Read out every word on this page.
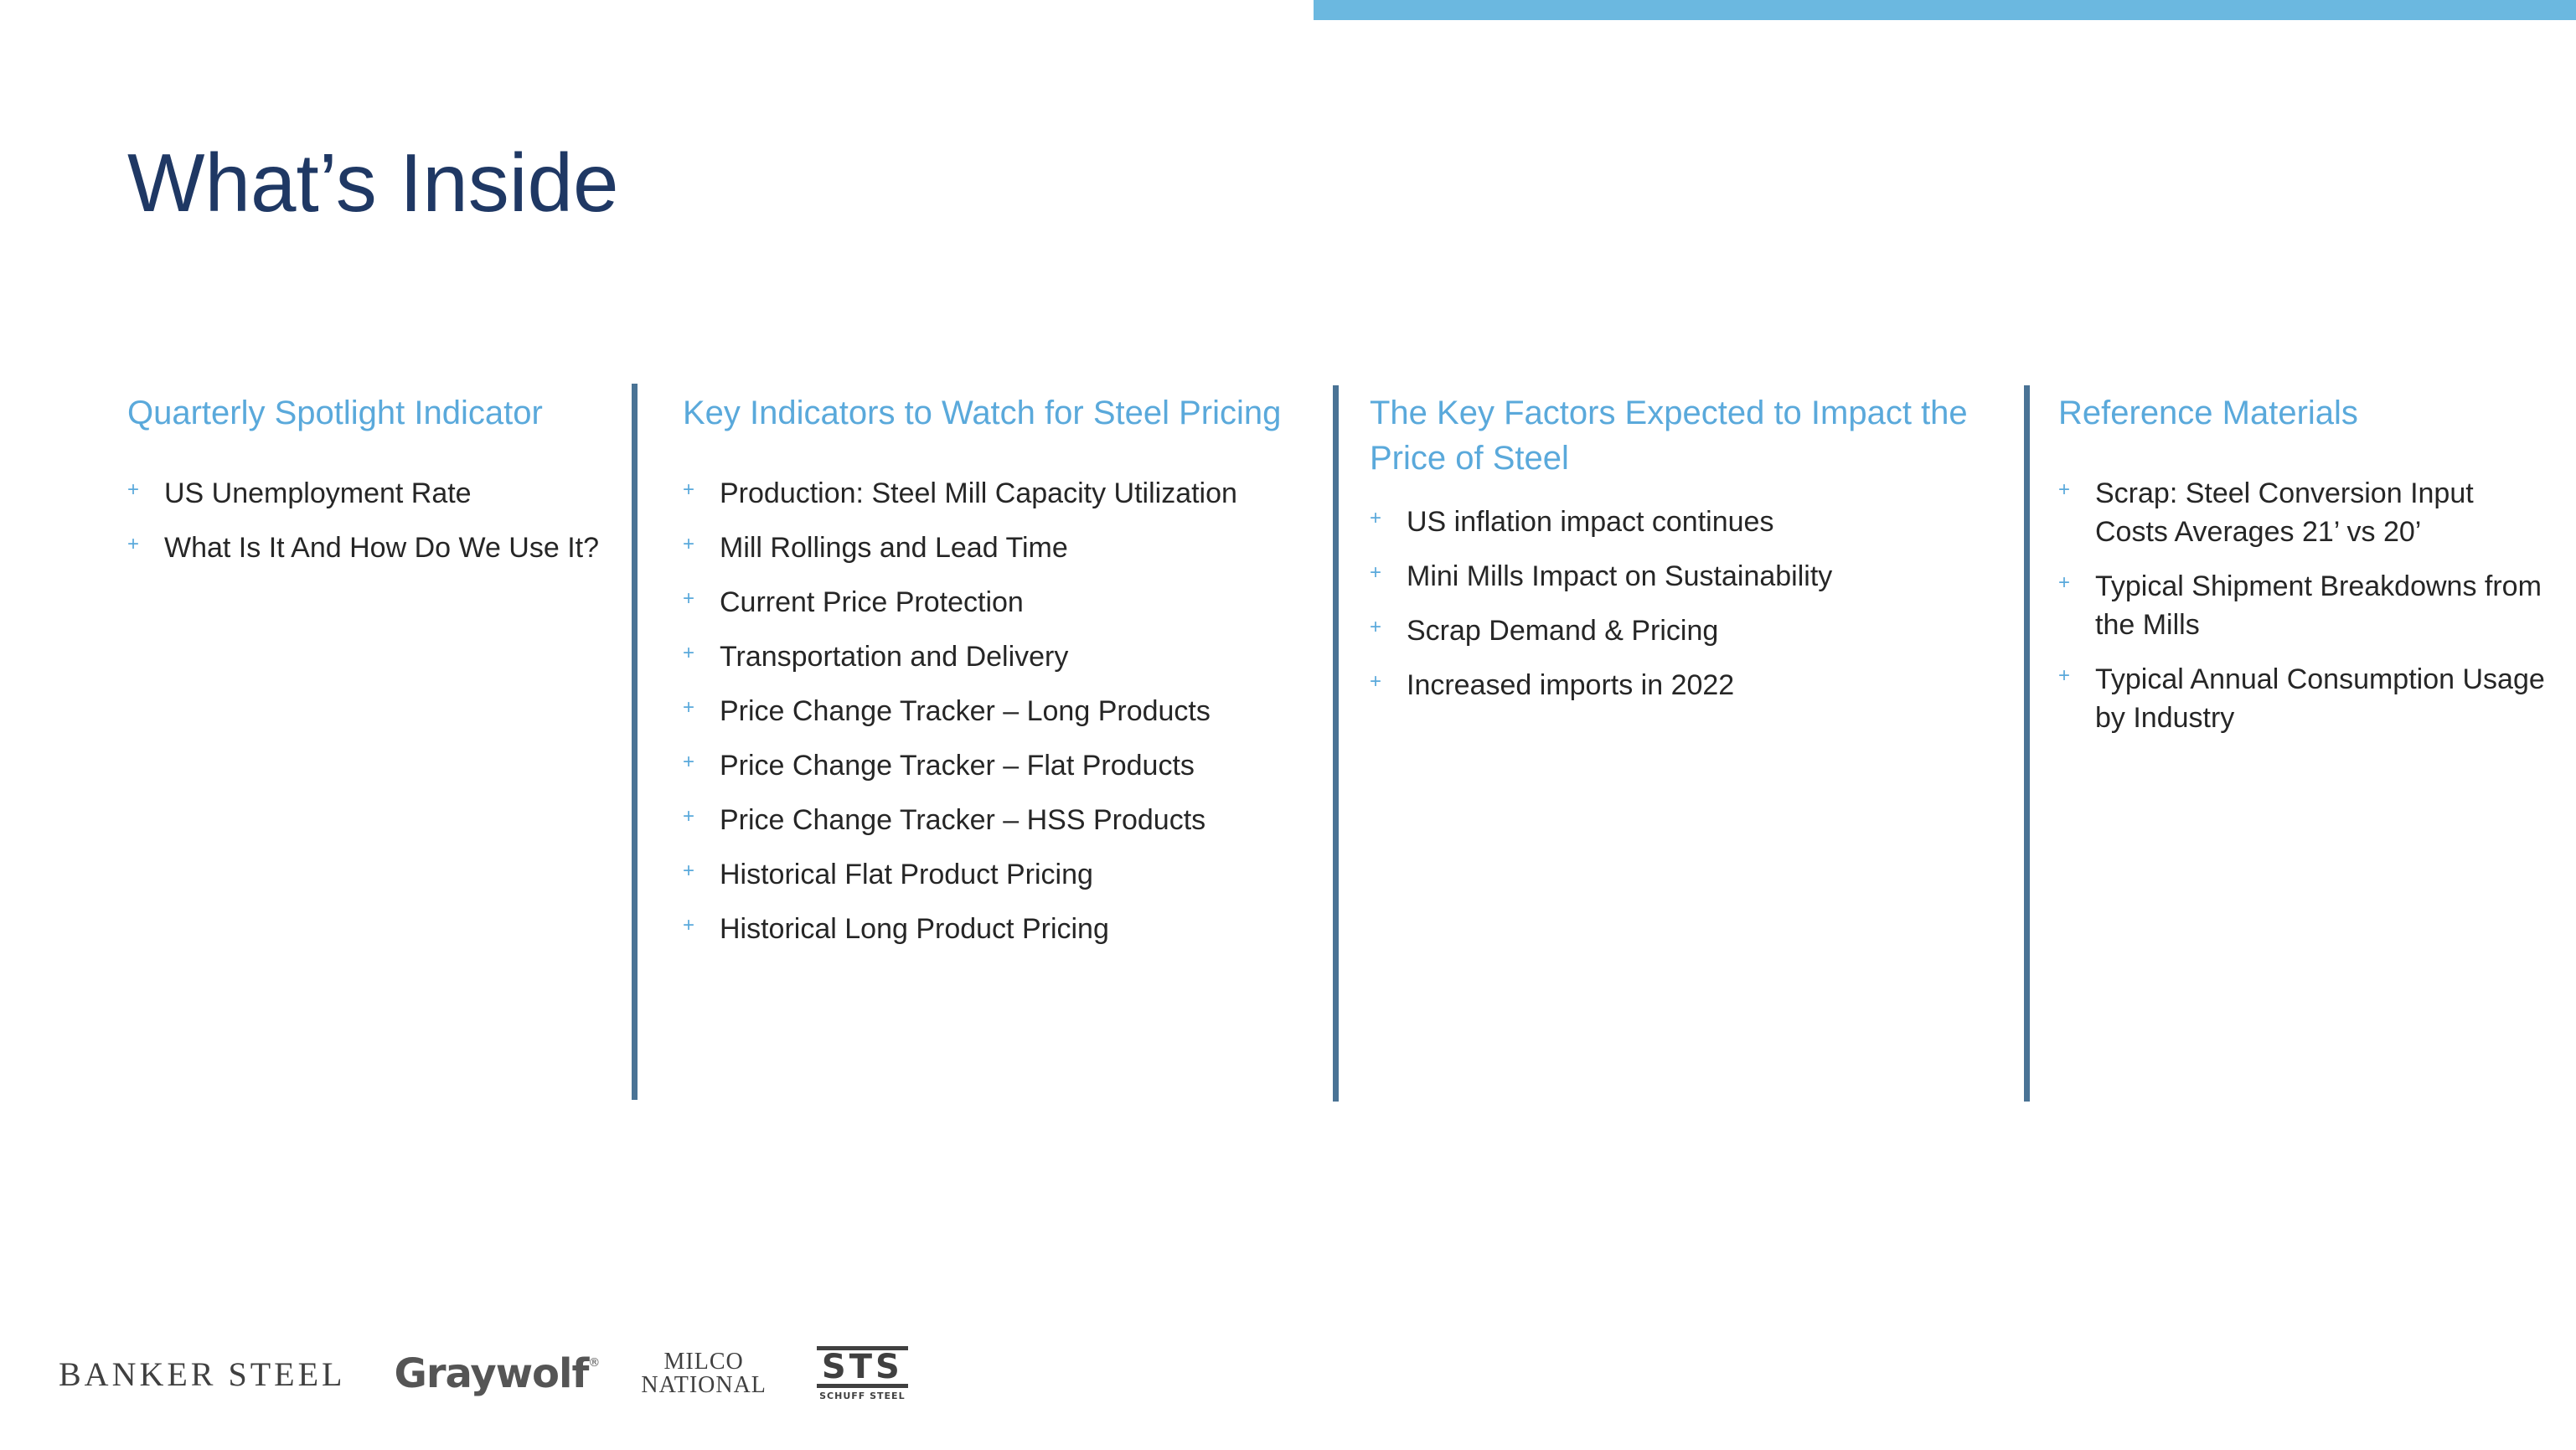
What’s Inside
Quarterly Spotlight Indicator
+ US Unemployment Rate
+ What Is It And How Do We Use It?
Key Indicators to Watch for Steel Pricing
+ Production: Steel Mill Capacity Utilization
+ Mill Rollings and Lead Time
+ Current Price Protection
+ Transportation and Delivery
+ Price Change Tracker – Long Products
+ Price Change Tracker – Flat Products
+ Price Change Tracker – HSS Products
+ Historical Flat Product Pricing
+ Historical Long Product Pricing
The Key Factors Expected to Impact the Price of Steel
+ US inflation impact continues
+ Mini Mills Impact on Sustainability
+ Scrap Demand & Pricing
+ Increased imports in 2022
Reference Materials
+ Scrap: Steel Conversion Input Costs Averages 21’ vs 20’
+ Typical Shipment Breakdowns from the Mills
+ Typical Annual Consumption Usage by Industry
BANKER STEEL Graywolf®	MILCO
NATIONAL STS
SCHUFF STEEL
